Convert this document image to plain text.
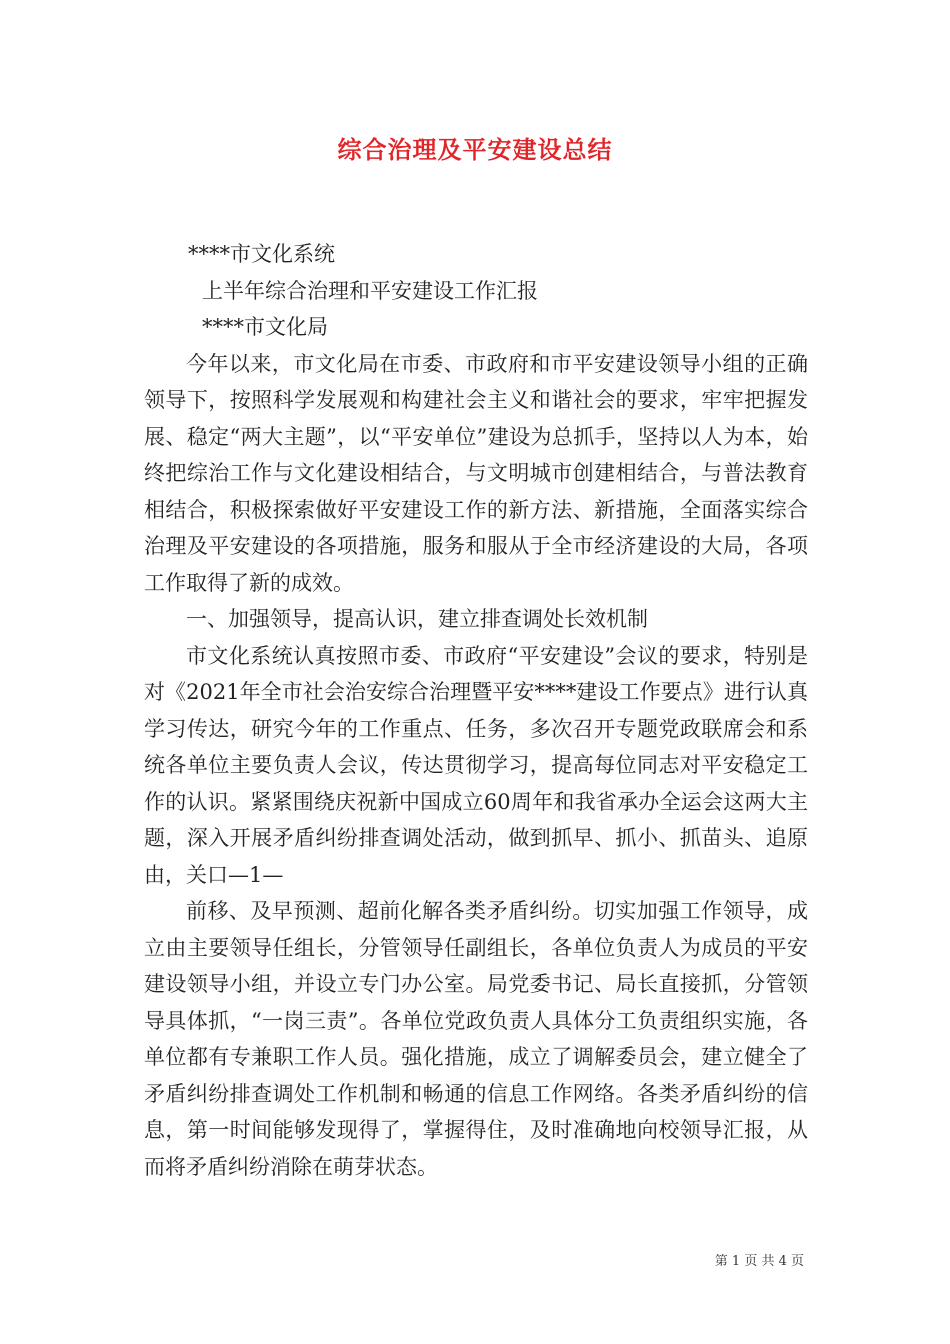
综合治理及平安建设总结

****市文化系统

上半年综合治理和平安建设工作汇报

****市文化局

今年以来，市文化局在市委、市政府和市平安建设领导小组的正确领导下，按照科学发展观和构建社会主义和谐社会的要求，牢牢把握发展、稳定“两大主题”，以“平安单位”建设为总抓手，坚持以人为本，始终把综治工作与文化建设相结合，与文明城市创建相结合，与普法教育相结合，积极探索做好平安建设工作的新方法、新措施，全面落实综合治理及平安建设的各项措施，服务和服从于全市经济建设的大局，各项工作取得了新的成效。

一、加强领导，提高认识，建立排查调处长效机制

市文化系统认真按照市委、市政府“平安建设”会议的要求，特别是对《2021年全市社会治安综合治理暨平安****建设工作要点》进行认真学习传达，研究今年的工作重点、任务，多次召开专题党政联席会和系统各单位主要负责人会议，传达贯彻学习，提高每位同志对平安稳定工作的认识。紧紧围绕庆祝新中国成立60周年和我省承办全运会这两大主题，深入开展矛盾纠纷排查调处活动，做到抓早、抓小、抓苗头、追原由，关口—1—

前移、及早预测、超前化解各类矛盾纠纷。切实加强工作领导，成立由主要领导任组长，分管领导任副组长，各单位负责人为成员的平安建设领导小组，并设立专门办公室。局党委书记、局长直接抓，分管领导具体抓，“一岗三责”。各单位党政负责人具体分工负责组织实施，各单位都有专兼职工作人员。强化措施，成立了调解委员会，建立健全了矛盾纠纷排查调处工作机制和畅通的信息工作网络。各类矛盾纠纷的信息，第一时间能够发现得了，掌握得住，及时准确地向校领导汇报，从而将矛盾纠纷消除在萌芽状态。

第 1 页 共 4 页
